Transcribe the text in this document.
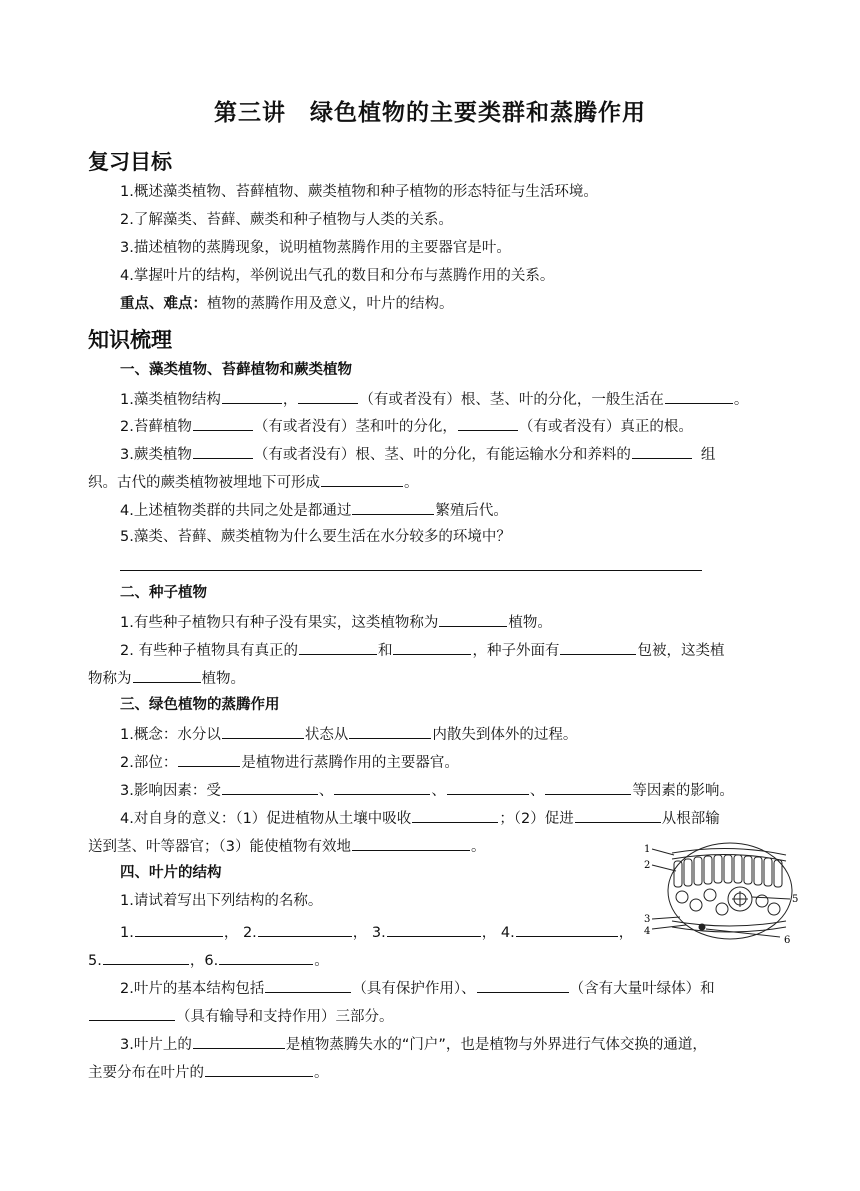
第三讲　绿色植物的主要类群和蒸腾作用
复习目标
1.概述藻类植物、苔藓植物、蕨类植物和种子植物的形态特征与生活环境。
2.了解藻类、苔藓、蕨类和种子植物与人类的关系。
3.描述植物的蒸腾现象，说明植物蒸腾作用的主要器官是叶。
4.掌握叶片的结构，举例说出气孔的数目和分布与蒸腾作用的关系。
重点、难点：植物的蒸腾作用及意义，叶片的结构。
知识梳理
一、藻类植物、苔藓植物和蕨类植物
1.藻类植物结构	，	（有或者没有）根、茎、叶的分化，一般生活在	。
2.苔藓植物	（有或者没有）茎和叶的分化，	（有或者没有）真正的根。
3.蕨类植物	（有或者没有）根、茎、叶的分化，有能运输水分和养料的	组
织。古代的蕨类植物被埋地下可形成	。
4.上述植物类群的共同之处是都通过	繁殖后代。
5.藻类、苔藓、蕨类植物为什么要生活在水分较多的环境中？
二、种子植物
1.有些种子植物只有种子没有果实，这类植物称为	植物。
2. 有些种子植物具有真正的	和	，种子外面有	包被，这类植
物称为	植物。
三、绿色植物的蒸腾作用
1.概念：水分以	状态从	内散失到体外的过程。
2.部位：	是植物进行蒸腾作用的主要器官。
3.影响因素：受	、	、	、	等因素的影响。
4.对自身的意义：（1）促进植物从土壤中吸收	；（2）促进	从根部输
送到茎、叶等器官；（3）能使植物有效地	。
四、叶片的结构
1.请试着写出下列结构的名称。
1.	， 2.	， 3.	， 4.	，
5.	，6.	。
2.叶片的基本结构包括	（具有保护作用）、	（含有大量叶绿体）和
（具有输导和支持作用）三部分。
3.叶片上的	是植物蒸腾失水的“门户”，也是植物与外界进行气体交换的通道，
主要分布在叶片的	。
1
2
3
4
5
6
